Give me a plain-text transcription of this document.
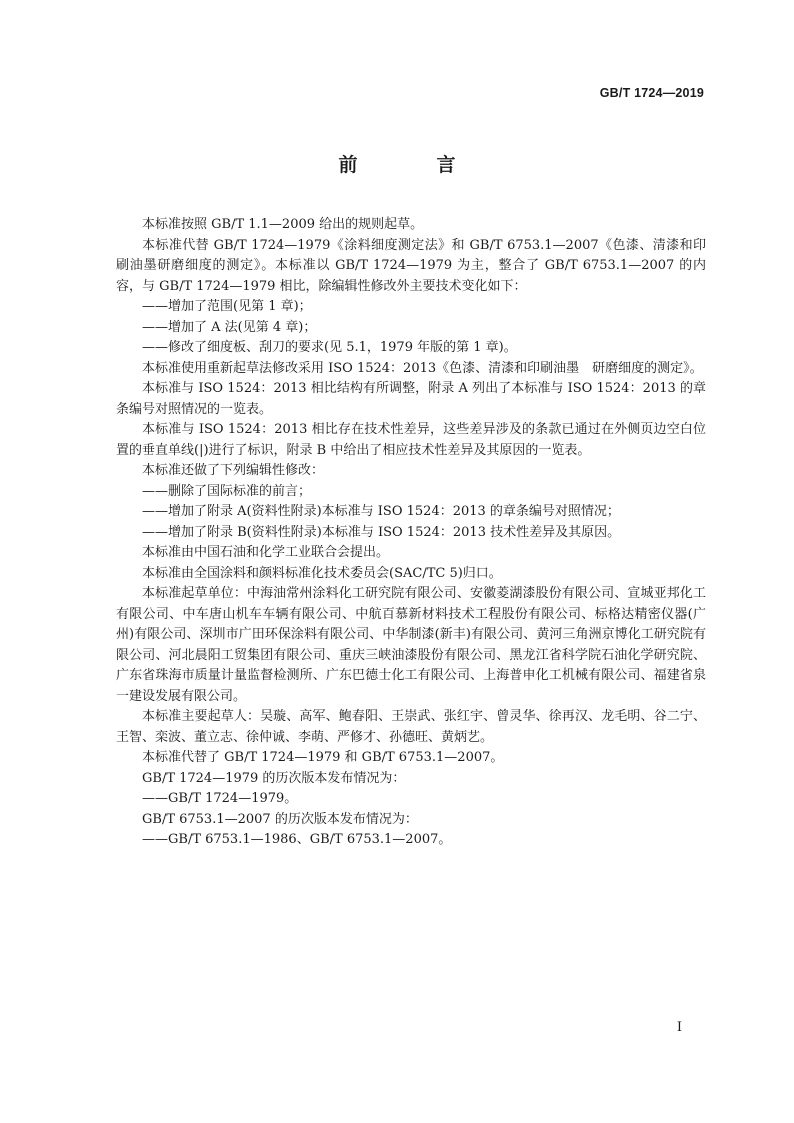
GB/T 1724—2019
前　言

本标准按照 GB/T 1.1—2009 给出的规则起草。

本标准代替 GB/T 1724—1979《涂料细度测定法》和 GB/T 6753.1—2007《色漆、清漆和印刷油墨研磨细度的测定》。本标准以 GB/T 1724—1979 为主，整合了 GB/T 6753.1—2007 的内容，与 GB/T 1724—1979 相比，除编辑性修改外主要技术变化如下：

——增加了范围(见第 1 章)；

——增加了 A 法(见第 4 章)；

——修改了细度板、刮刀的要求(见 5.1，1979 年版的第 1 章)。

本标准使用重新起草法修改采用 ISO 1524：2013《色漆、清漆和印刷油墨　研磨细度的测定》。

本标准与 ISO 1524：2013 相比结构有所调整，附录 A 列出了本标准与 ISO 1524：2013 的章条编号对照情况的一览表。

本标准与 ISO 1524：2013 相比存在技术性差异，这些差异涉及的条款已通过在外侧页边空白位置的垂直单线(|)进行了标识，附录 B 中给出了相应技术性差异及其原因的一览表。

本标准还做了下列编辑性修改：

——删除了国际标准的前言；

——增加了附录 A(资料性附录)本标准与 ISO 1524：2013 的章条编号对照情况；

——增加了附录 B(资料性附录)本标准与 ISO 1524：2013 技术性差异及其原因。

本标准由中国石油和化学工业联合会提出。

本标准由全国涂料和颜料标准化技术委员会(SAC/TC 5)归口。

本标准起草单位：中海油常州涂料化工研究院有限公司、安徽菱湖漆股份有限公司、宣城亚邦化工有限公司、中车唐山机车车辆有限公司、中航百慕新材料技术工程股份有限公司、标格达精密仪器(广州)有限公司、深圳市广田环保涂料有限公司、中华制漆(新丰)有限公司、黄河三角洲京博化工研究院有限公司、河北晨阳工贸集团有限公司、重庆三峡油漆股份有限公司、黑龙江省科学院石油化学研究院、广东省珠海市质量计量监督检测所、广东巴德士化工有限公司、上海普申化工机械有限公司、福建省泉一建设发展有限公司。

本标准主要起草人：吴璇、高军、鲍春阳、王崇武、张红宇、曾灵华、徐再汉、龙毛明、谷二宁、王智、栾波、董立志、徐仲诚、李萌、严修才、孙德旺、黄炳艺。

本标准代替了 GB/T 1724—1979 和 GB/T 6753.1—2007。

GB/T 1724—1979 的历次版本发布情况为：

——GB/T 1724—1979。

GB/T 6753.1—2007 的历次版本发布情况为：

——GB/T 6753.1—1986、GB/T 6753.1—2007。

I
